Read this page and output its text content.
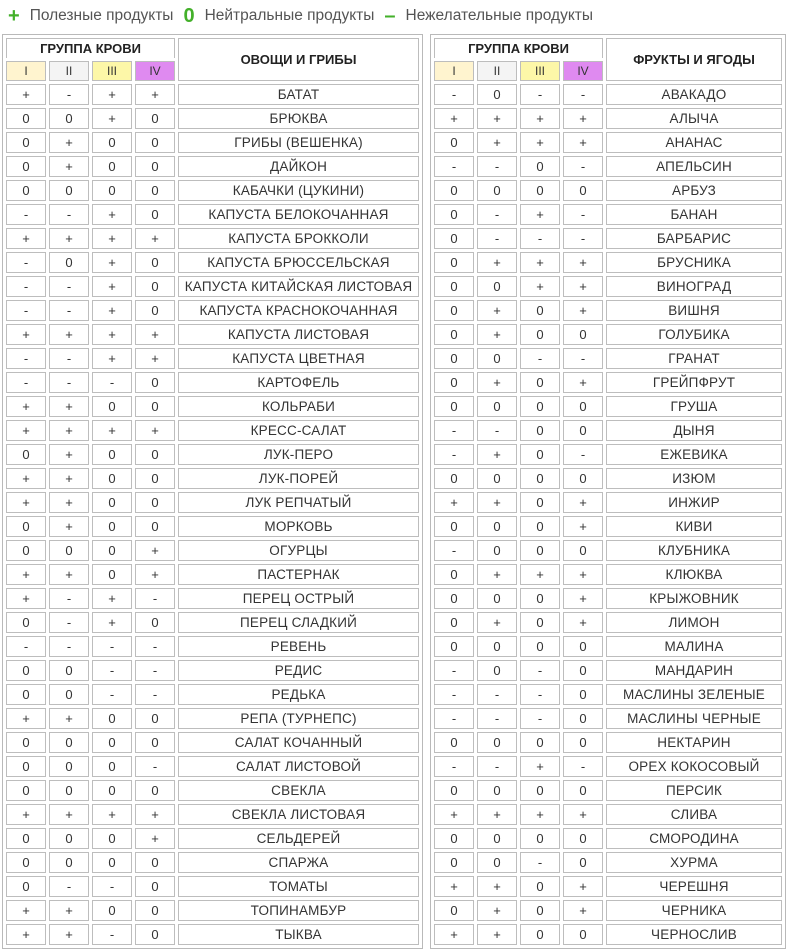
+ Полезные продукты 0 Нейтральные продукты – Нежелательные продукты
ГРУППА КРОВИ				ОВОЩИ И ГРИБЫ
I	II	III	IV	
+	-	+	+	БАТАТ
0	0	+	0	БРЮКВА
0	+	0	0	ГРИБЫ (ВЕШЕНКА)
0	+	0	0	ДАЙКОН
0	0	0	0	КАБАЧКИ (ЦУКИНИ)
-	-	+	0	КАПУСТА БЕЛОКОЧАННАЯ
+	+	+	+	КАПУСТА БРОККОЛИ
-	0	+	0	КАПУСТА БРЮССЕЛЬСКАЯ
-	-	+	0	КАПУСТА КИТАЙСКАЯ ЛИСТОВАЯ
-	-	+	0	КАПУСТА КРАСНОКОЧАННАЯ
+	+	+	+	КАПУСТА ЛИСТОВАЯ
-	-	+	+	КАПУСТА ЦВЕТНАЯ
-	-	-	0	КАРТОФЕЛЬ
+	+	0	0	КОЛЬРАБИ
+	+	+	+	КРЕСС-САЛАТ
0	+	0	0	ЛУК-ПЕРО
+	+	0	0	ЛУК-ПОРЕЙ
+	+	0	0	ЛУК РЕПЧАТЫЙ
0	+	0	0	МОРКОВЬ
0	0	0	+	ОГУРЦЫ
+	+	0	+	ПАСТЕРНАК
+	-	+	-	ПЕРЕЦ ОСТРЫЙ
0	-	+	0	ПЕРЕЦ СЛАДКИЙ
-	-	-	-	РЕВЕНЬ
0	0	-	-	РЕДИС
0	0	-	-	РЕДЬКА
+	+	0	0	РЕПА (ТУРНЕПС)
0	0	0	0	САЛАТ КОЧАННЫЙ
0	0	0	-	САЛАТ ЛИСТОВОЙ
0	0	0	0	СВЕКЛА
+	+	+	+	СВЕКЛА ЛИСТОВАЯ
0	0	0	+	СЕЛЬДЕРЕЙ
0	0	0	0	СПАРЖА
0	-	-	0	ТОМАТЫ
+	+	0	0	ТОПИНАМБУР
+	+	-	0	ТЫКВА
ГРУППА КРОВИ				ФРУКТЫ И ЯГОДЫ
I	II	III	IV	
-	0	-	-	АВАКАДО
+	+	+	+	АЛЫЧА
0	+	+	+	АНАНАС
-	-	0	-	АПЕЛЬСИН
0	0	0	0	АРБУЗ
0	-	+	-	БАНАН
0	-	-	-	БАРБАРИС
0	+	+	+	БРУСНИКА
0	0	+	+	ВИНОГРАД
0	+	0	+	ВИШНЯ
0	+	0	0	ГОЛУБИКА
0	0	-	-	ГРАНАТ
0	+	0	+	ГРЕЙПФРУТ
0	0	0	0	ГРУША
-	-	0	0	ДЫНЯ
-	+	0	-	ЕЖЕВИКА
0	0	0	0	ИЗЮМ
+	+	0	+	ИНЖИР
0	0	0	+	КИВИ
-	0	0	0	КЛУБНИКА
0	+	+	+	КЛЮКВА
0	0	0	+	КРЫЖОВНИК
0	+	0	+	ЛИМОН
0	0	0	0	МАЛИНА
-	0	-	0	МАНДАРИН
-	-	-	0	МАСЛИНЫ ЗЕЛЕНЫЕ
-	-	-	0	МАСЛИНЫ ЧЕРНЫЕ
0	0	0	0	НЕКТАРИН
-	-	+	-	ОРЕХ КОКОСОВЫЙ
0	0	0	0	ПЕРСИК
+	+	+	+	СЛИВА
0	0	0	0	СМОРОДИНА
0	0	-	0	ХУРМА
+	+	0	+	ЧЕРЕШНЯ
0	+	0	+	ЧЕРНИКА
+	+	0	0	ЧЕРНОСЛИВ
